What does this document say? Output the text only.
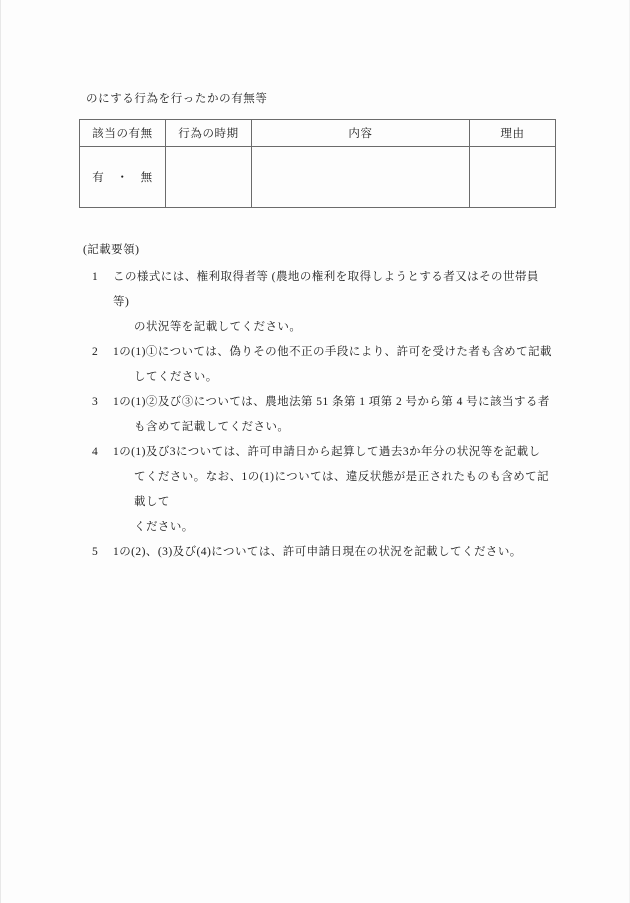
のにする行為を行ったかの有無等
該当の有無	行為の時期	内容	理由
有　・　無			

(記載要領)

1	この様式には、権利取得者等 (農地の権利を取得しようとする者又はその世帯員等)

の状況等を記載してください。

2	1の(1)①については、偽りその他不正の手段により、許可を受けた者も含めて記載

してください。

3	1の(1)②及び③については、農地法第 51 条第 1 項第 2 号から第 4 号に該当する者

も含めて記載してください。

4	1の(1)及び3については、許可申請日から起算して過去3か年分の状況等を記載し

てください。なお、1の(1)については、違反状態が是正されたものも含めて記載して

ください。

5	1の(2)、(3)及び(4)については、許可申請日現在の状況を記載してください。
